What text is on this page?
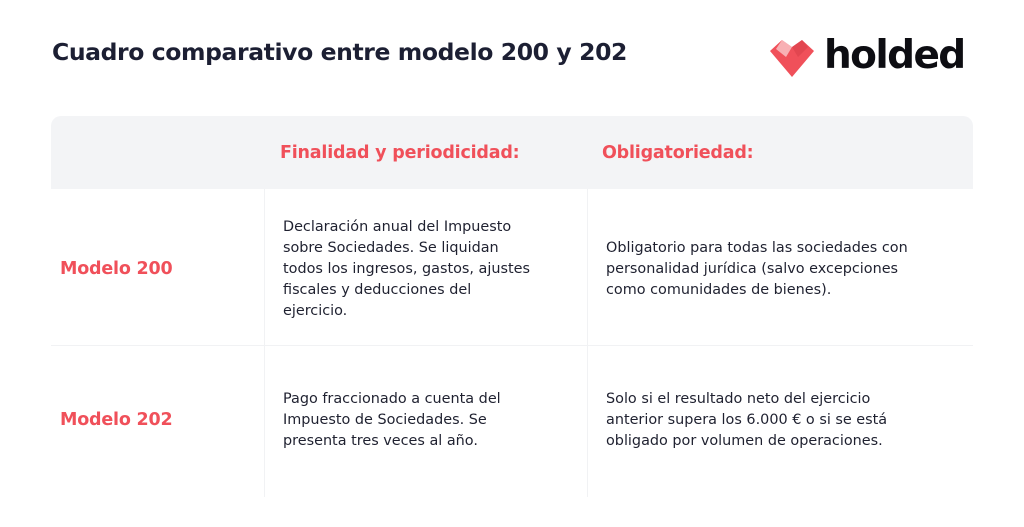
Cuadro comparativo entre modelo 200 y 202	holded
Finalidad y periodicidad:	Obligatoriedad:
Modelo 200

Declaración anual del Impuesto
sobre Sociedades. Se liquidan
todos los ingresos, gastos, ajustes
fiscales y deducciones del
ejercicio.

Obligatorio para todas las sociedades con
personalidad jurídica (salvo excepciones
como comunidades de bienes).

Modelo 202

Pago fraccionado a cuenta del
Impuesto de Sociedades. Se
presenta tres veces al año.

Solo si el resultado neto del ejercicio
anterior supera los 6.000 € o si se está
obligado por volumen de operaciones.
